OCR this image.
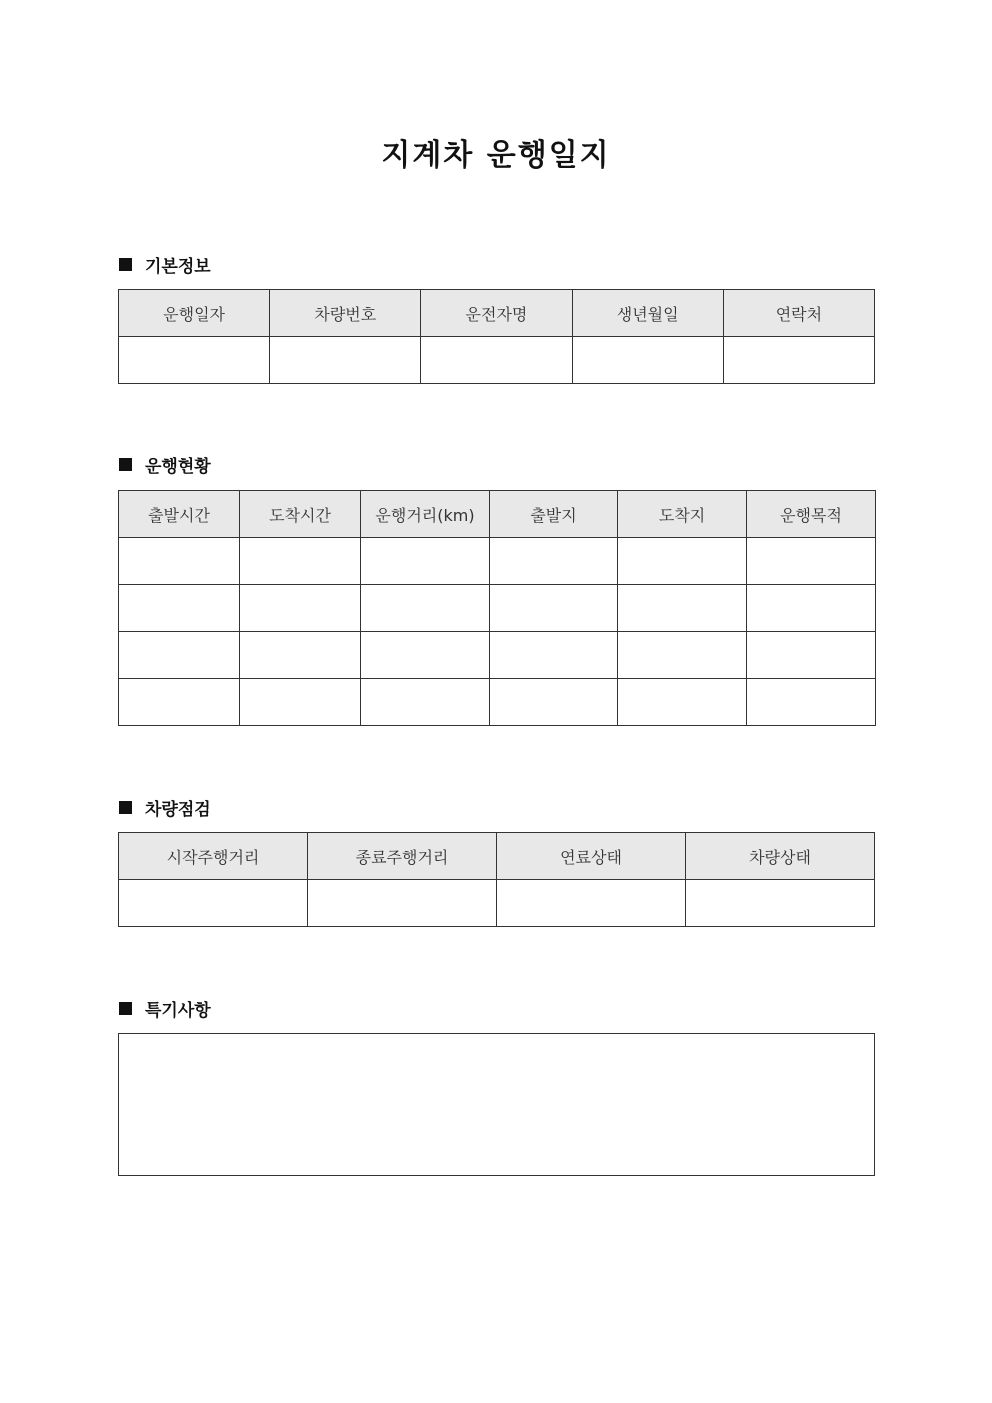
지계차 운행일지
기본정보
운행일자	차량번호	운전자명	생년월일	연락처

운행현황
출발시간	도착시간	운행거리(km)	출발지	도착지	운행목적

차량점검
시작주행거리	종료주행거리	연료상태	차량상태

특기사항
